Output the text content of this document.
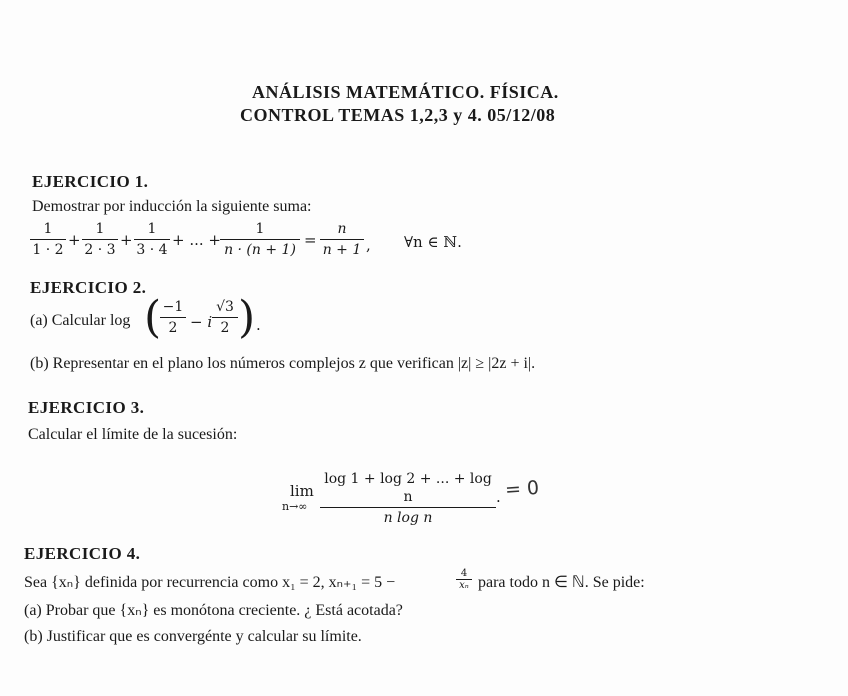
ANÁLISIS MATEMÁTICO. FÍSICA.
CONTROL TEMAS 1,2,3 y 4. 05/12/08
EJERCICIO 1.
Demostrar por inducción la siguiente suma:
1
1 · 2
+
1
2 · 3
+
1
3 · 4
+ ... +
1
n · (n + 1)
=
n
n + 1 , ∀n ∈ ℕ.
EJERCICIO 2.
(a) Calcular log ( −1
2 − i
√3
2 ) .
(b) Representar en el plano los números complejos z que verifican |z| ≥ |2z + i|.
EJERCICIO 3.
Calcular el límite de la sucesión:
lim
n→∞
log 1 + log 2 + ... + log n
n log n
. = 0
EJERCICIO 4.
Sea {xₙ} definida por recurrencia como x₁ = 2, xₙ₊₁ = 5 −
4
xₙ para todo n ∈ ℕ. Se pide:
(a) Probar que {xₙ} es monótona creciente. ¿ Está acotada?
(b) Justificar que es convergénte y calcular su límite.
